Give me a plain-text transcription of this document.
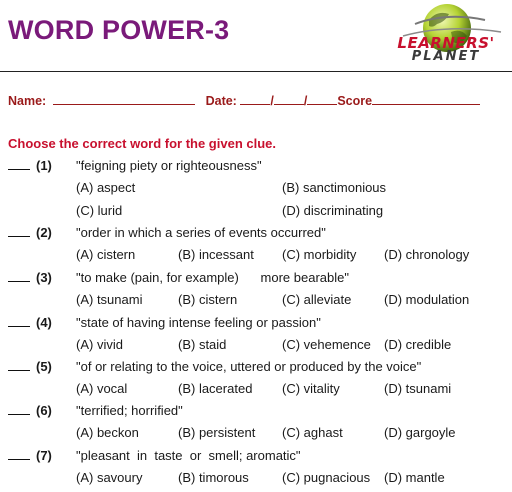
WORD POWER-3	LEARNERS'
PLANET
Name:	Date:	/ / Score
Choose the correct word for the given clue.
(1) "feigning piety or righteousness"
(A) aspect	(B) sanctimonious
(C) lurid	(D) discriminating
(2) "order in which a series of events occurred"
(A) cistern	(B) incessant (C) morbidity (D) chronology
(3) "to make (pain, for example)      more bearable"
(A) tsunami	(B) cistern	(C) alleviate	(D) modulation
(4) "state of having intense feeling or passion"
(A) vivid	(B) staid	(C) vehemence (D) credible
(5) "of or relating to the voice, uttered or produced by the voice"
(A) vocal	(B) lacerated (C) vitality	(D) tsunami
(6) "terrified; horrified"
(A) beckon	(B) persistent (C) aghast	(D) gargoyle
(7) "pleasant  in  taste  or  smell; aromatic"
(A) savoury	(B) timorous	(C) pugnacious (D) mantle
